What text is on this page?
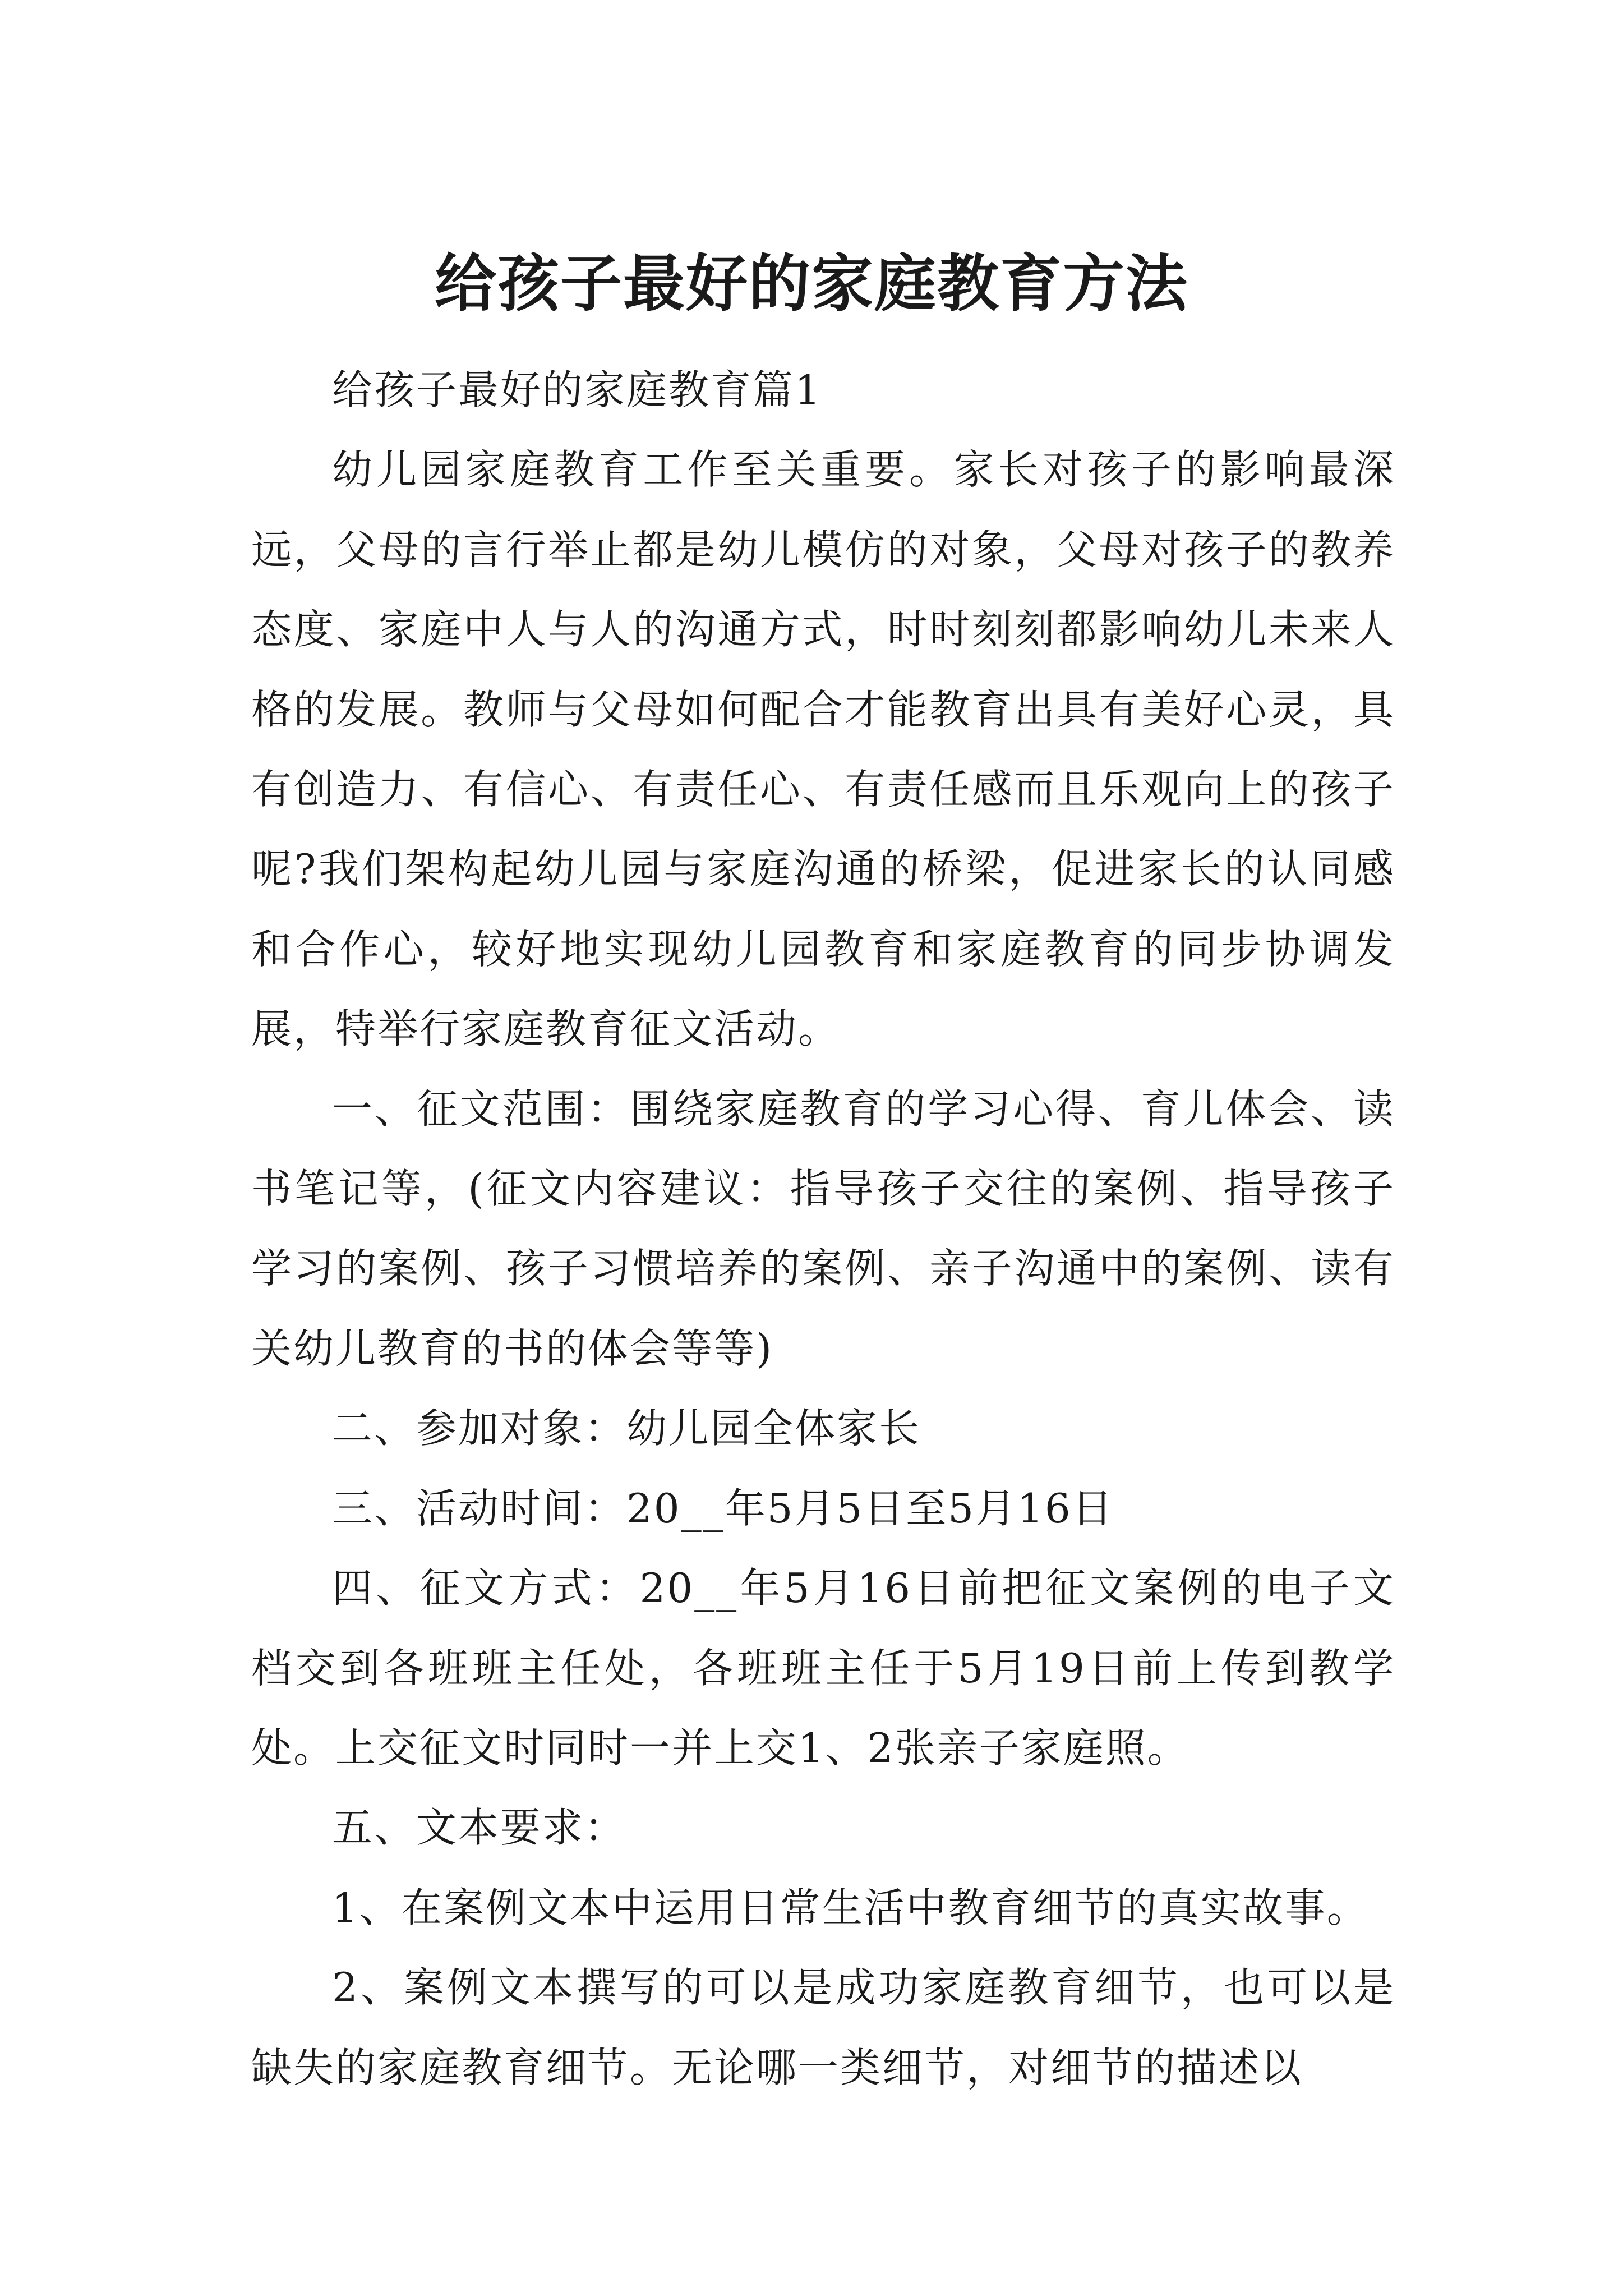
给孩子最好的家庭教育方法

给孩子最好的家庭教育篇1

幼儿园家庭教育工作至关重要。家长对孩子的影响最深远，父母的言行举止都是幼儿模仿的对象，父母对孩子的教养态度、家庭中人与人的沟通方式，时时刻刻都影响幼儿未来人格的发展。教师与父母如何配合才能教育出具有美好心灵，具有创造力、有信心、有责任心、有责任感而且乐观向上的孩子呢?我们架构起幼儿园与家庭沟通的桥梁，促进家长的认同感和合作心，较好地实现幼儿园教育和家庭教育的同步协调发展，特举行家庭教育征文活动。

一、征文范围：围绕家庭教育的学习心得、育儿体会、读书笔记等，(征文内容建议：指导孩子交往的案例、指导孩子学习的案例、孩子习惯培养的案例、亲子沟通中的案例、读有关幼儿教育的书的体会等等)

二、参加对象：幼儿园全体家长

三、活动时间：20__年5月5日至5月16日

四、征文方式：20__年5月16日前把征文案例的电子文档交到各班班主任处，各班班主任于5月19日前上传到教学处。上交征文时同时一并上交1、2张亲子家庭照。

五、文本要求：

1、在案例文本中运用日常生活中教育细节的真实故事。

2、案例文本撰写的可以是成功家庭教育细节，也可以是缺失的家庭教育细节。无论哪一类细节，对细节的描述以
